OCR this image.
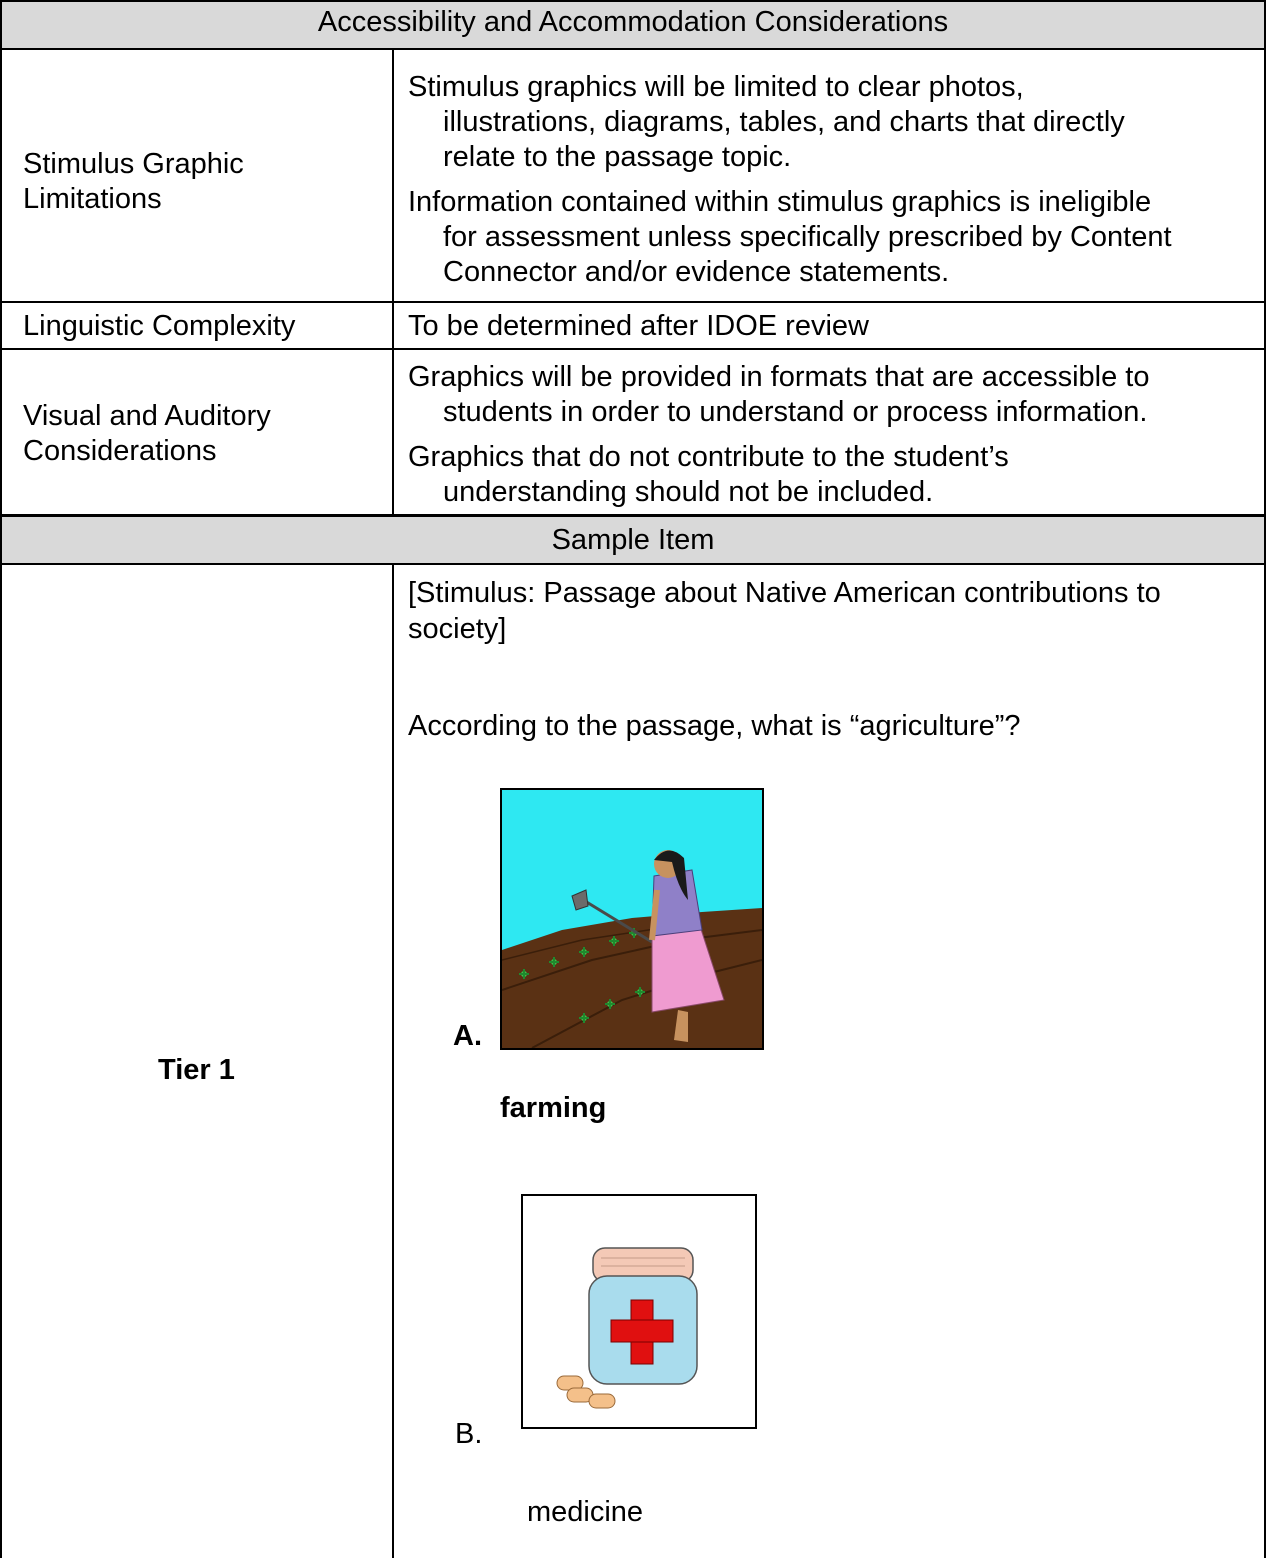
Accessibility and Accommodation Considerations
Sample Item
Stimulus Graphic
Limitations
Stimulus graphics will be limited to clear photos,
illustrations, diagrams, tables, and charts that directly
relate to the passage topic.
Information contained within stimulus graphics is ineligible
for assessment unless specifically prescribed by Content
Connector and/or evidence statements.
Linguistic Complexity	To be determined after IDOE review
Visual and Auditory
Considerations
Graphics will be provided in formats that are accessible to
students in order to understand or process information.
Graphics that do not contribute to the student’s
understanding should not be included.
Tier 1
[Stimulus: Passage about Native American contributions to
society]
According to the passage, what is “agriculture”?
A.
farming
B.
medicine
